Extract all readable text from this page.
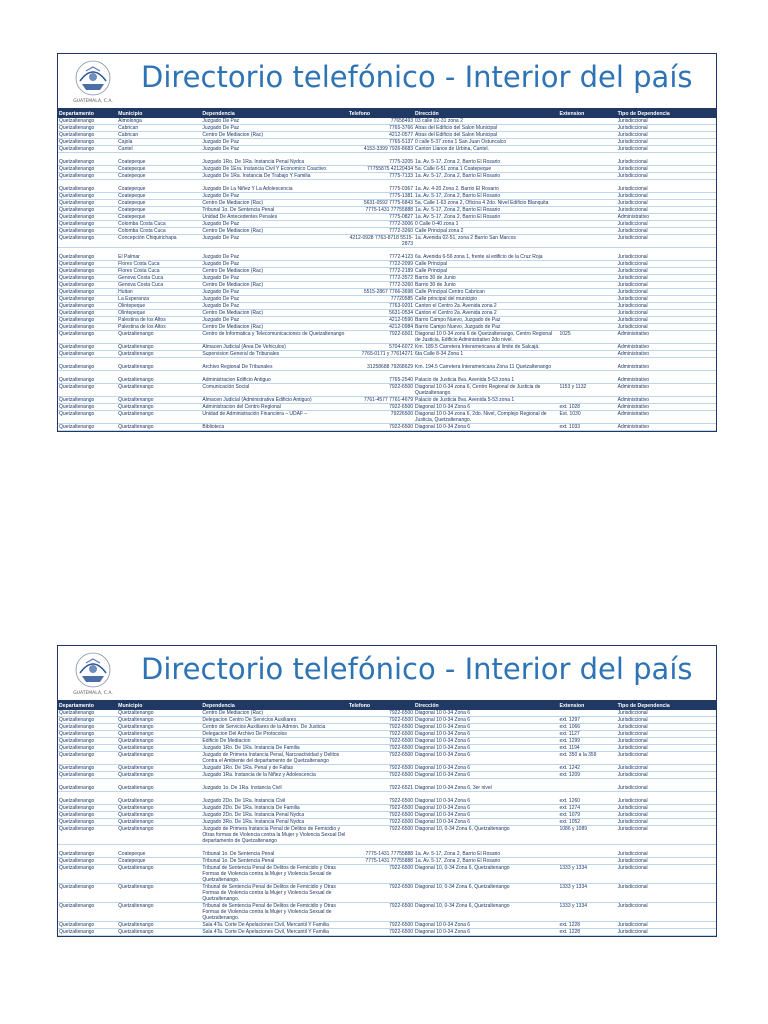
GUATEMALA, C.A.
Directorio telefónico - Interior del país
Departamento	Municipio	Dependencia	Telefono	Dirección	Extension	Tipo de Dependencia
Quetzaltenango	Almolonga	Juzgado De Paz	77658493	03 calle 02-31 zona 2		Jurisdiccional
Quetzaltenango	Cabrican	Juzgado De Paz	7765-3766	Atras del Edificio del Salon Municipal		Jurisdiccional
Quetzaltenango	Cabrican	Centro De Mediacion (Rac)	4212-0577	Atras del Edificio del Salon Municipal		Jurisdiccional
Quetzaltenango	Cajola	Juzgado De Paz	7765-5137	0 calle 5-37 zona 1 San Juan Ostuncalco		Jurisdiccional
Quetzaltenango	Cantel	Juzgado De Paz	4153-3399 7926-8683	Canton Llanos de Urbina, Cantel.		Jurisdiccional

Quetzaltenango	Coatepeque	Juzgado 1Ro. De 1Ra. Instancia Penal Nydca	7775-3205	1a. Av. 5-17, Zona 2, Barrio El Rosario		Jurisdiccional
Quetzaltenango	Coatepeque	Juzgado De 1Era. Instancia Civil Y Economico Coactivo	77755875 42120434	5a. Calle 6-51 zona 1 Coatepeque		Jurisdiccional
Quetzaltenango	Coatepeque	Juzgado De 1Ra. Instancia De Trabajo Y Familia	7775-7133	1a. Av. 5-17, Zona 2, Barrio El Rosario		Jurisdiccional

Quetzaltenango	Coatepeque	Juzgado De La Niñez Y La Adolescencia	7775-0367	1a. Av. 4-20 Zona 2, Barrio El Rosario		Jurisdiccional
Quetzaltenango	Coatepeque	Juzgado De Paz	7775-1381	1a. Av. 5-17, Zona 2, Barrio El Rosario		Jurisdiccional
Quetzaltenango	Coatepeque	Centro De Mediacion (Rac)	5631-0592 7775-6843	5a. Calle 1-63 zona 2, Oficina 4 2do. Nivel Edificio Blanquita		Jurisdiccional
Quetzaltenango	Coatepeque	Tribunal 1o. De Sentencia Penal	7775-1431 77755888	1a. Av. 5-17, Zona 2, Barrio El Rosario		Jurisdiccional
Quetzaltenango	Coatepeque	Unidad De Antecedentes Penales	7775-0827	1a. Av. 5-17, Zona 2, Barrio El Rosario		Administrativo
Quetzaltenango	Colomba Costa Cuca	Juzgado De Paz	7772-3006	0 Calle 0-40 zona 1		Jurisdiccional
Quetzaltenango	Colomba Costa Cuca	Centro De Mediacion (Rac)	7772-3260	Calle Principal zona 2		Jurisdiccional
Quetzaltenango	Concepción Chiquirichapa	Juzgado De Paz	4212-0928 7763-8718 5515-2873	1a. Avenida 02-51, zona 2 Barrio San Marcos		Jurisdiccional

Quetzaltenango	El Palmar	Juzgado De Paz	7772-4123	6a. Avenida 6-56 zona 1, frente al edificio de la Cruz Roja		Jurisdiccional
Quetzaltenango	Flores Costa Cuca	Juzgado De Paz	7722-2099	Calle Principal		Jurisdiccional
Quetzaltenango	Flores Costa Cuca	Centro De Mediacion (Rac)	7772-2189	Calle Principal		Jurisdiccional
Quetzaltenango	Genova Costa Cuca	Juzgado De Paz	7772-3572	Barrio 30 de Junio		Jurisdiccional
Quetzaltenango	Genova Costa Cuca	Centro De Mediacion (Rac)	7772-3260	Barrio 30 de Junio		Jurisdiccional
Quetzaltenango	Huitan	Juzgado De Paz	5515-2867 7766-3698	Calle Principal Centro Cabrican		Jurisdiccional
Quetzaltenango	La Esperanza	Juzgado De Paz	77720585	Calle principal del municipio		Jurisdiccional
Quetzaltenango	Olintepeque	Juzgado De Paz	7763-9201	Canton el Centro 2a. Avenida zona 2		Jurisdiccional
Quetzaltenango	Olintepeque	Centro De Mediacion (Rac)	5631-0534	Canton el Centro 2a. Avenida zona 2		Jurisdiccional
Quetzaltenango	Palestina de los Altos	Juzgado De Paz	4212-0590	Barrio Campo Nuevo, Juzgado de Paz		Jurisdiccional
Quetzaltenango	Palestina de los Altos	Centro De Mediacion (Rac)	4212-0984	Barrio Campo Nuevo, Juzgado de Paz		Jurisdiccional
Quetzaltenango	Quetzaltenango	Centro de Informatica y Telecomunicaciones de Quetzaltenango	7922-6501	Diagonal 10 0-34 zona 6 de Quetzaltenango, Centro Regional de Justicia, Edificio Administrativo 2do nivel.	1025	Administrativo
Quetzaltenango	Quetzaltenango	Almacen Judicial (Area De Vehiculos)	5704-6072	Km. 189.5 Carretera Interamericana al limite de Salcajá.		Administrativo
Quetzaltenango	Quetzaltenango	Supervision General de Tribunales	7765-0171 y 77614271	6ta Calle 8-34 Zona 1		Administrativo

Quetzaltenango	Quetzaltenango	Archivo Regional De Tribunales	31258688 79268629	Km. 194.5 Carretera Interamericana Zona 11 Quetzaltenango		Administrativo

Quetzaltenango	Quetzaltenango	Administracion Edificio Antiguo	7765-2540	Palacio de Justicia 8va. Avenida 5-53 zona 1		Administrativo
Quetzaltenango	Quetzaltenango	Comunicación Social	7922-6500	Diagonal 10 0-34 zona 6, Centro Regional de Justicia de Quetzaltenango	1153 y 1132	Administrativo
Quetzaltenango	Quetzaltenango	Almacen Judicial (Administrativa Edificio Antiguo)	7761-4577 7761-4679	Palacio de Justicia 8va. Avenida 5-53 zona 1		Administrativo
Quetzaltenango	Quetzaltenango	Administracion del Centro Regional	7922-6500	Diagonal 10 0-34 Zona 6	ext. 1028	Administrativo
Quetzaltenango	Quetzaltenango	Unidad de Administración Financiera – UDAF –	79226500	Diagonal 10 0-34 zona 6, 2do. Nivel, Complejo Regional de Justicia, Quetzaltenango.	Ext. 1030	Administrativo
Quetzaltenango	Quetzaltenango	Biblioteca	7922-6500	Diagonal 10 0-34 Zona 6	ext. 1033	Administrativo
GUATEMALA, C.A.
Directorio telefónico - Interior del país
Departamento	Municipio	Dependencia	Telefono	Dirección	Extension	Tipo de Dependencia
Quetzaltenango	Quetzaltenango	Centro De Mediacion (Rac)	7922-6500	Diagonal 10 0-34 Zona 6		Jurisdiccional
Quetzaltenango	Quetzaltenango	Delegacion Centro De Servicios Auxiliares	7922-6500	Diagonal 10 0-34 Zona 6	ext. 1297	Jurisdiccional
Quetzaltenango	Quetzaltenango	Centro de Servicios Auxiliares de la Admon. De Justicia	7922-6500	Diagonal 10 0-34 Zona 6	ext. 1066	Jurisdiccional
Quetzaltenango	Quetzaltenango	Delegacion Del Archivo De Protocolos	7922-6500	Diagonal 10 0-34 Zona 6	ext. 1127	Jurisdiccional
Quetzaltenango	Quetzaltenango	Edificio De Mediacion	7922-6500	Diagonal 10 0-34 Zona 6	ext. 1299	Jurisdiccional
Quetzaltenango	Quetzaltenango	Juzgado 1Ro. De 1Ra. Instancia De Familia	7922-6500	Diagonal 10 0-34 Zona 6	ext. 1194	Jurisdiccional
Quetzaltenango	Quetzaltenango	Juzgado de Primera Instancia Penal, Narcoactividad y Delitos Contra el Ambiente del departamento de Quetzaltenango	7922-6500	Diagonal 10 0-34 Zona 6	ext. 350 a la 359	Jurisdiccional
Quetzaltenango	Quetzaltenango	Juzgado 1Ro. De 1Ra. Penal y de Faltas	7922-6500	Diagonal 10 0-34 Zona 6	ext. 1242	Jurisdiccional
Quetzaltenango	Quetzaltenango	Juzgado 1Ra. Instancia de la Niñez y Adolescencia	7922-6500	Diagonal 10 0-34 Zona 6	ext. 1209	Jurisdiccional

Quetzaltenango	Quetzaltenango	Juzgado 1o. De 1Ra. Instancia Civil	7922-6521	Diagonal 10 0-34 Zona 6, 3er nivel		Jurisdiccional

Quetzaltenango	Quetzaltenango	Juzgado 2Do. De 1Ra. Instancia Civil	7922-6500	Diagonal 10 0-34 Zona 6	ext. 1260	Jurisdiccional
Quetzaltenango	Quetzaltenango	Juzgado 2Do. De 1Ra. Instancia De Familia	7922-6500	Diagonal 10 0-34 Zona 6	ext. 1274	Jurisdiccional
Quetzaltenango	Quetzaltenango	Juzgado 2Do. De 1Ra. Instancia Penal Nydca	7922-6500	Diagonal 10 0-34 Zona 6	ext. 1079	Jurisdiccional
Quetzaltenango	Quetzaltenango	Juzgado 3Ro. De 1Ra. Instancia Penal Nydca	7922-6500	Diagonal 10 0-34 Zona 6	ext. 1052	Jurisdiccional
Quetzaltenango	Quetzaltenango	Juzgado de Primera Instancia Penal de Delitos de Femicidio y Otras formas de Violencia contra la Mujer y Violencia Sexual Del departamento de Quetzaltenango	7922-6500	Diagonal 10, 0-34 Zona 6, Quetzaltenango	1086 y 1089	Jurisdiccional

Quetzaltenango	Coatepeque	Tribunal 1o. De Sentencia Penal	7775-1431 77755888	1a. Av. 5-17, Zona 2, Barrio El Rosario		Jurisdiccional
Quetzaltenango	Coatepeque	Tribunal 1o. De Sentencia Penal	7775-1431 77755888	1a. Av. 5-17, Zona 2, Barrio El Rosario		Jurisdiccional
Quetzaltenango	Quetzaltenango	Tribunal de Sentencia Penal de Delitos de Femicidio y Otras Formas de Violencia contra la Mujer y Violencia Sexual de Quetzaltenango.	7922-6500	Diagonal 10, 0-34 Zona 6, Quetzaltenango	1333 y 1334	Jurisdiccional
Quetzaltenango	Quetzaltenango	Tribunal de Sentencia Penal de Delitos de Femicidio y Otras Formas de Violencia contra la Mujer y Violencia Sexual de Quetzaltenango.	7922-6500	Diagonal 10, 0-34 Zona 6, Quetzaltenango	1333 y 1334	Jurisdiccional
Quetzaltenango	Quetzaltenango	Tribunal de Sentencia Penal de Delitos de Femicidio y Otras Formas de Violencia contra la Mujer y Violencia Sexual de Quetzaltenango.	7922-6500	Diagonal 10, 0-34 Zona 6, Quetzaltenango	1333 y 1334	Jurisdiccional
Quetzaltenango	Quetzaltenango	Sala 4Ta. Corte De Apelaciones Civil, Mercantil Y Familia	7922-6500	Diagonal 10 0-34 Zona 6	ext. 1228	Jurisdiccional
Quetzaltenango	Quetzaltenango	Sala 4Ta. Corte De Apelaciones Civil, Mercantil Y Familia	7922-6500	Diagonal 10 0-34 Zona 6	ext. 1228	Jurisdiccional
